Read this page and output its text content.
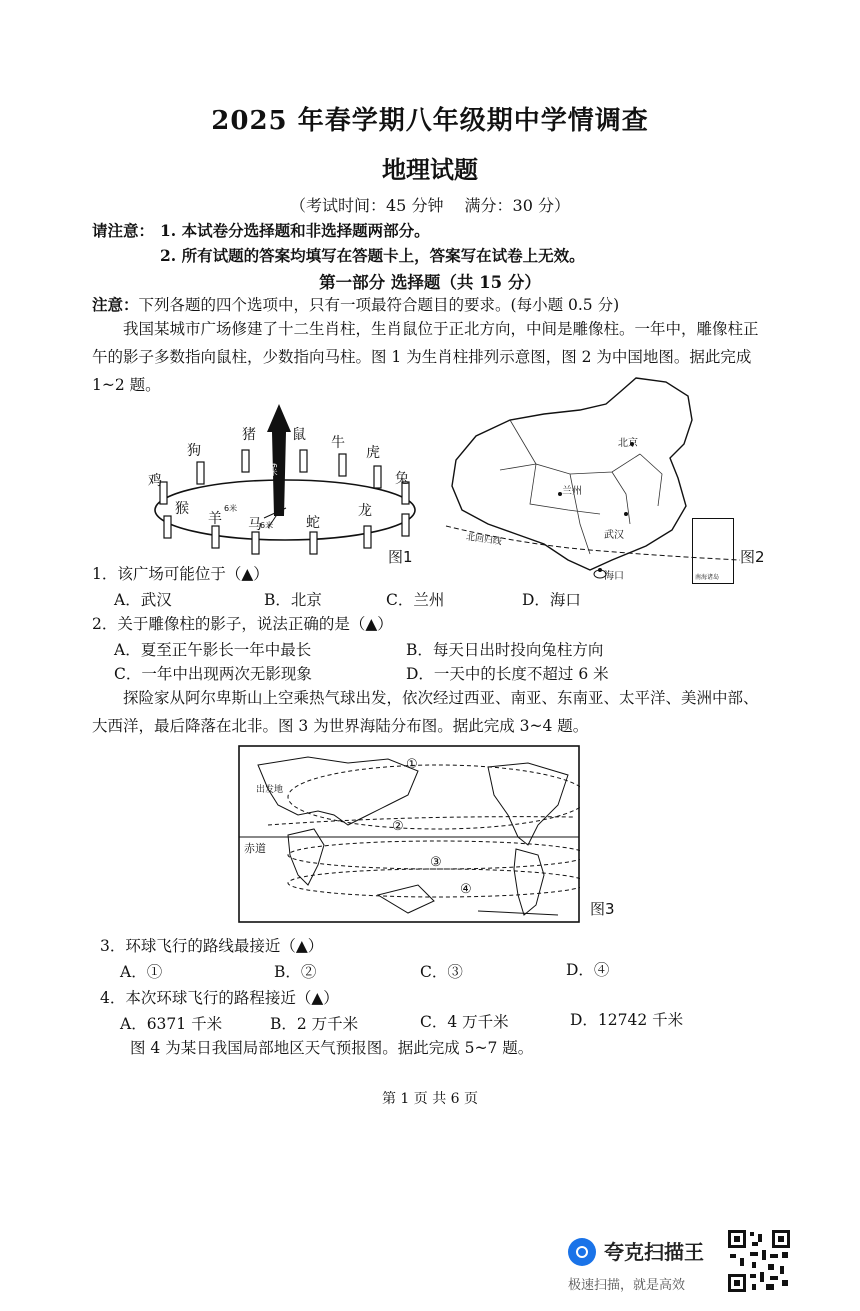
2025 年春学期八年级期中学情调查
地理试题
（考试时间：45 分钟　 满分：30 分）
请注意： 1. 本试卷分选择题和非选择题两部分。
2. 所有试题的答案均填写在答题卡上，答案写在试卷上无效。
第一部分 选择题（共 15 分）
注意：下列各题的四个选项中，只有一项最符合题目的要求。(每小题 0.5 分)
我国某城市广场修建了十二生肖柱，生肖鼠位于正北方向，中间是雕像柱。一年中，雕像柱正午的影子多数指向鼠柱，少数指向马柱。图 1 为生肖柱排列示意图，图 2 为中国地图。据此完成 1~2 题。
猪	鼠 牛
虎
狗
兔
鸡
猴
羊 马	蛇
龙
6米
6米
6米
图1
北京
兰州
武汉
海口
北回归线
南海诸岛
图2
1．该广场可能位于（▲）
A．武汉	B．北京	C．兰州	D．海口
2．关于雕像柱的影子，说法正确的是（▲）
A．夏至正午影长一年中最长	B．每天日出时投向兔柱方向
C．一年中出现两次无影现象	D．一天中的长度不超过 6 米
探险家从阿尔卑斯山上空乘热气球出发，依次经过西亚、南亚、东南亚、太平洋、美洲中部、大西洋，最后降落在北非。图 3 为世界海陆分布图。据此完成 3~4 题。
出发地
赤道
①
②
③
④
图3
3．环球飞行的路线最接近（▲）
A．①	B．②	C．③	D．④
4．本次环球飞行的路程接近（▲）
A．6371 千米	B．2 万千米	C．4 万千米	D．12742 千米
图 4 为某日我国局部地区天气预报图。据此完成 5~7 题。
第 1 页 共 6 页
夸克扫描王
极速扫描，就是高效
